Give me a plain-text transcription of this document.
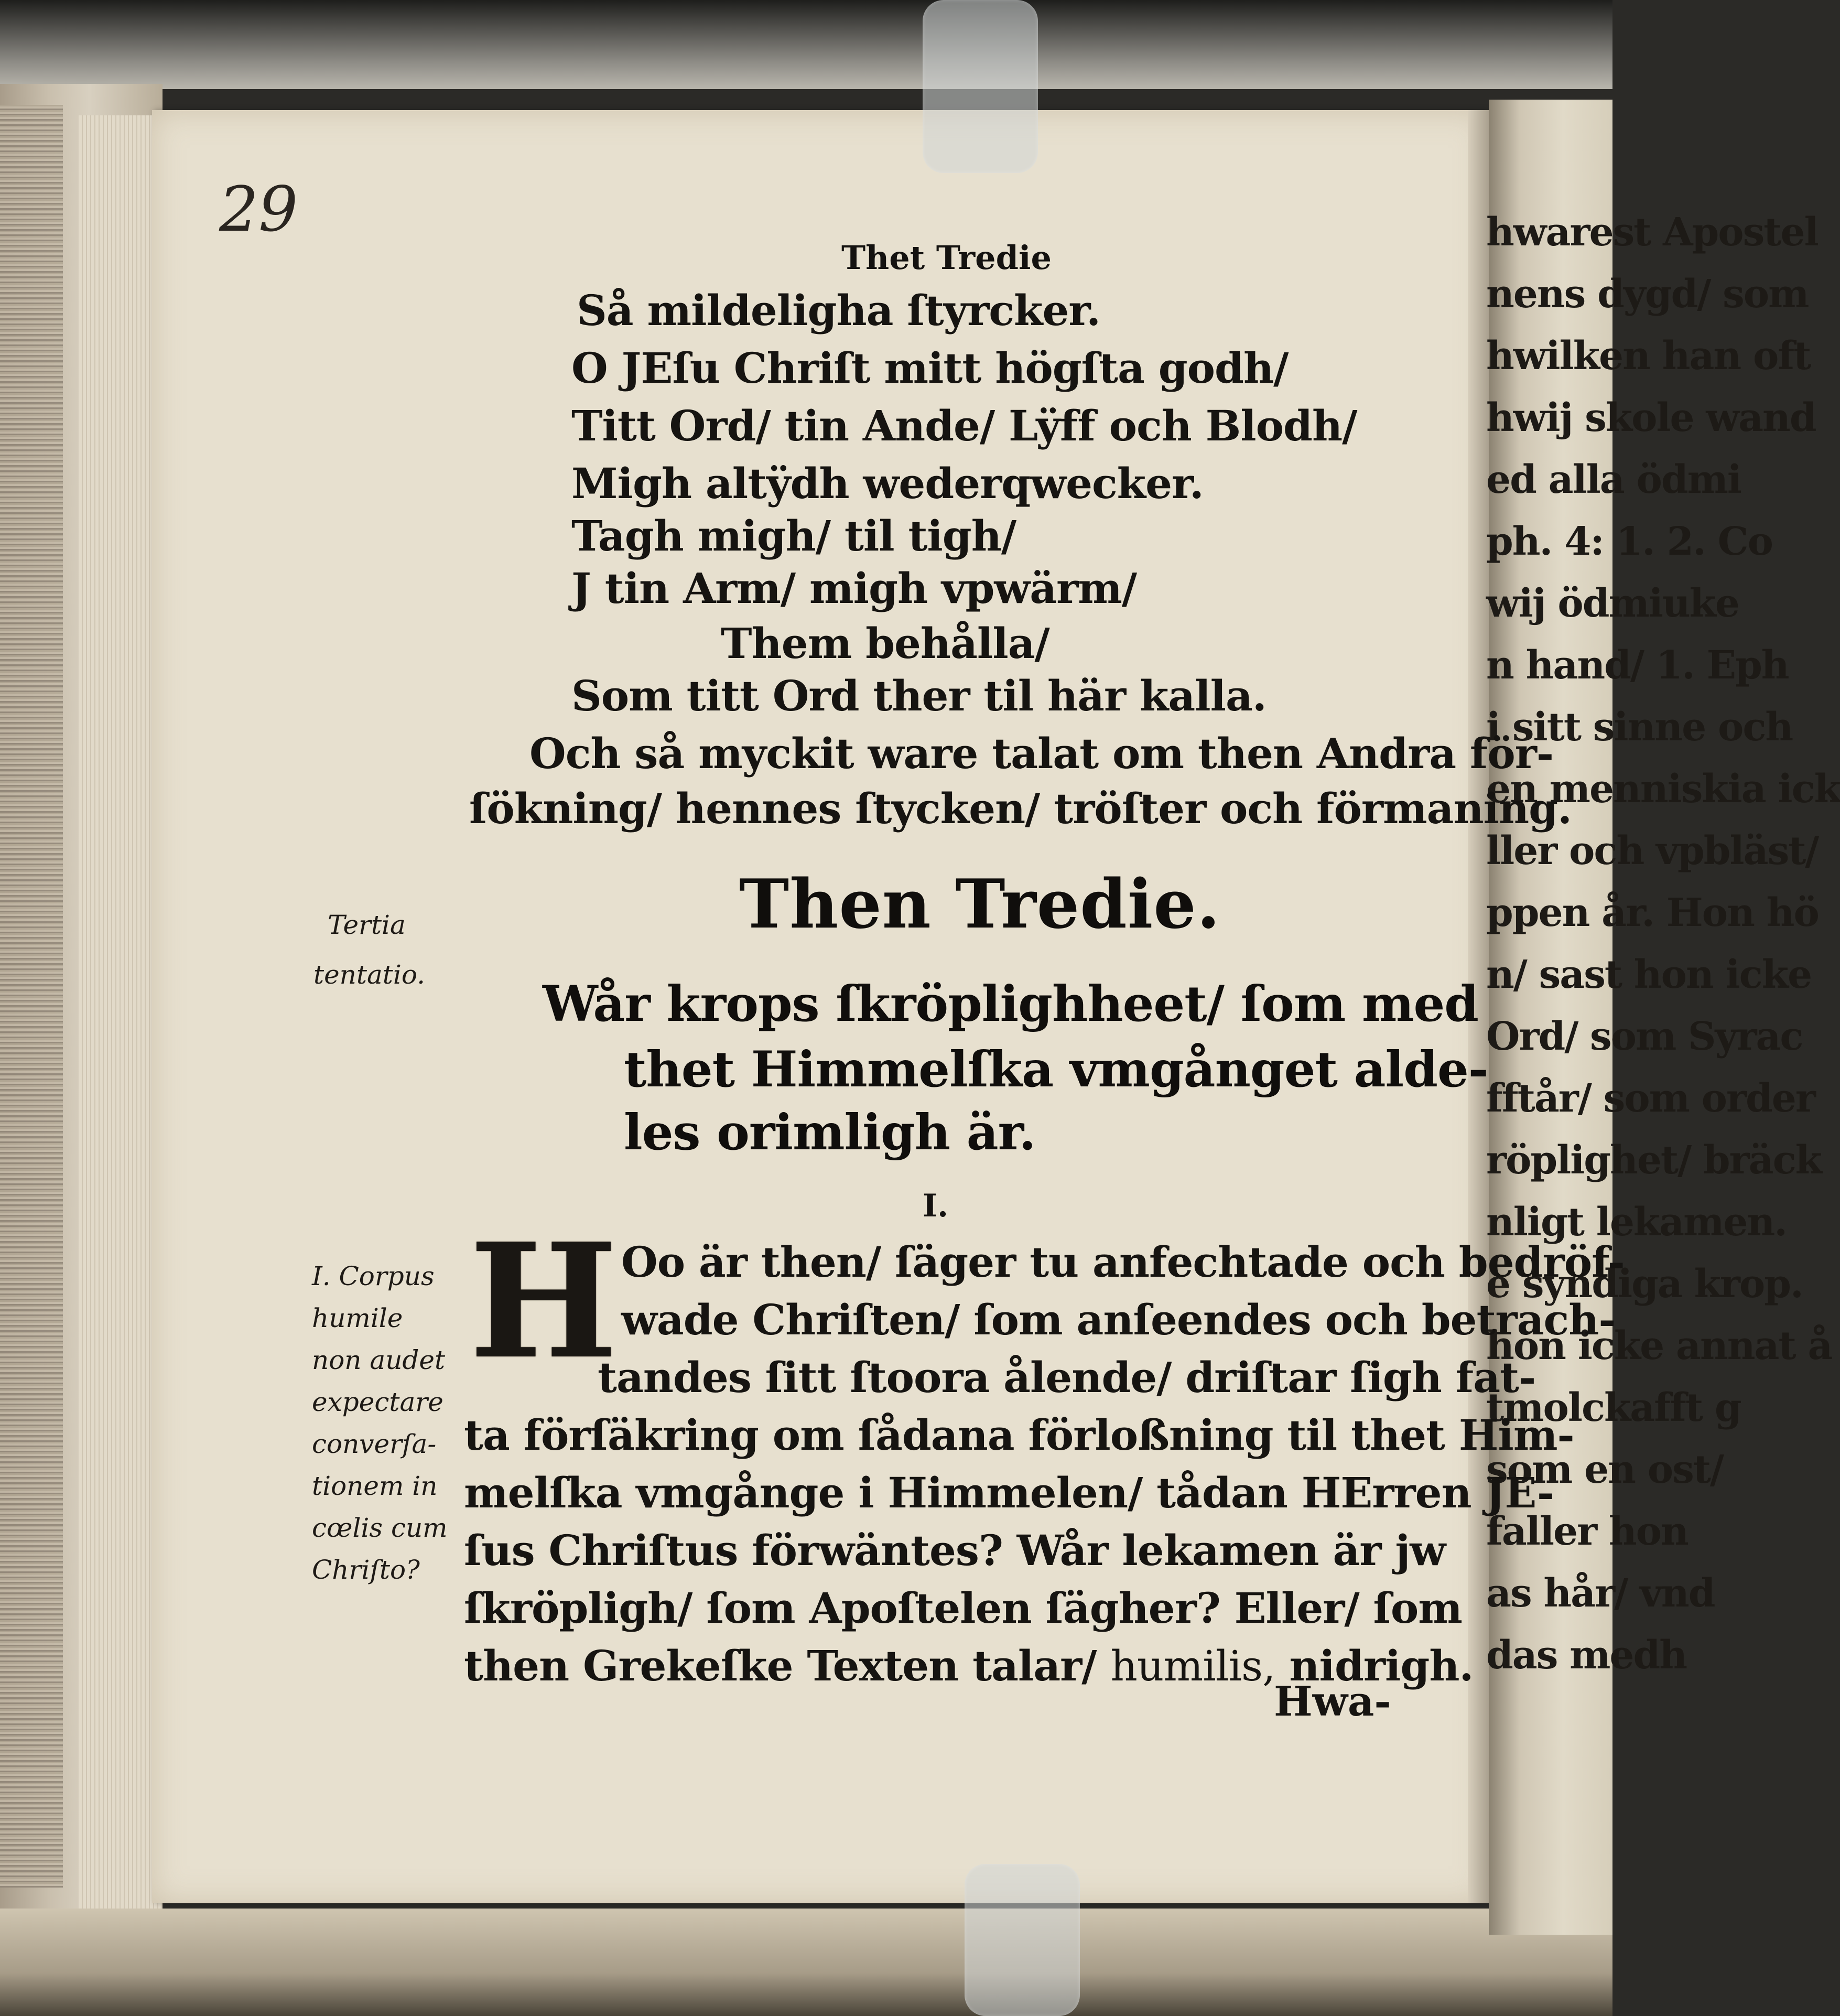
hwarest Apostel
nens dygd/ som
hwilken han oft
hwij skole wand
ed alla ödmi
ph. 4: 1. 2. Co
wij ödmiuke
n hand/ 1. Eph
i sitt sinne och
en menniskia ick
ller och vpbläst/
ppen år. Hon hö
n/ sast hon icke
Ord/ som Syrac
fftår/ som order
röplighet/ bräck
nligt lekamen.
e syndiga krop.
hon icke annat å
tmolckafft g
som en ost/
faller hon
as hår/ vnd
das medh
29
Thet Tredie
Så mildeligha ſtyrcker.
O JEſu Chriſt mitt högſta godh/
Titt Ord/ tin Ande/ Lÿff och Blodh/
Migh altÿdh wederqwecker.
Tagh migh/ til tigh/
J tin Arm/ migh vpwärm/
Them behålla/
Som titt Ord ther til här kalla.
Och så myckit ware talat om then Andra för-
ſökning/ hennes ſtycken/ tröſter och förmaning.
Then Tredie.
Wår krops ſkröplighheet/ ſom med
thet Himmelſka vmgånget alde-
les orimligh är.
Tertia
tentatio.
I.
I. Corpus
humile
non audet
expectare
converſa-
tionem in
cœlis cum
Chriſto?
H Oo är then/ ſäger tu anfechtade och bedröf-
wade Chriſten/ ſom anſeendes och betrach-
tandes ſitt ſtoora ålende/ driſtar ſigh fat-
ta förſäkring om ſådana förloßning til thet Him-
melſka vmgånge i Himmelen/ tådan HErren JE-
ſus Chriſtus förwäntes? Wår lekamen är jw
ſkröpligh/ ſom Apoſtelen ſägher? Eller/ ſom
then Grekeſke Texten talar/ humilis, nidrigh.
Hwa-
